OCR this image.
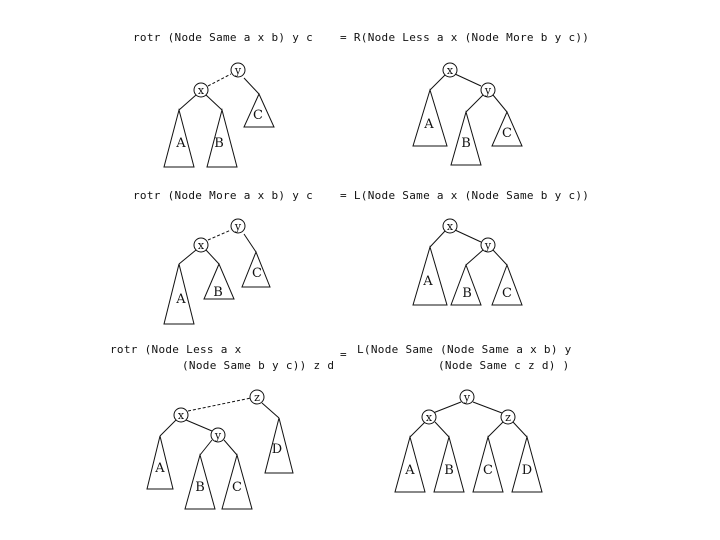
rotr (Node Same a x b) y c = R(Node Less a x (Node More b y c))
rotr (Node More a x b) y c = L(Node Same a x (Node Same b y c))
rotr (Node Less a x
(Node Same b y c)) z d
= L(Node Same (Node Same a x b) y
(Node Same c z d) )
x
y
A B
C
x
y
A
B
C
x
y
A B
C
x
y
A
B C
x
y
z
A
B C
D
y
x	z
A B C D
